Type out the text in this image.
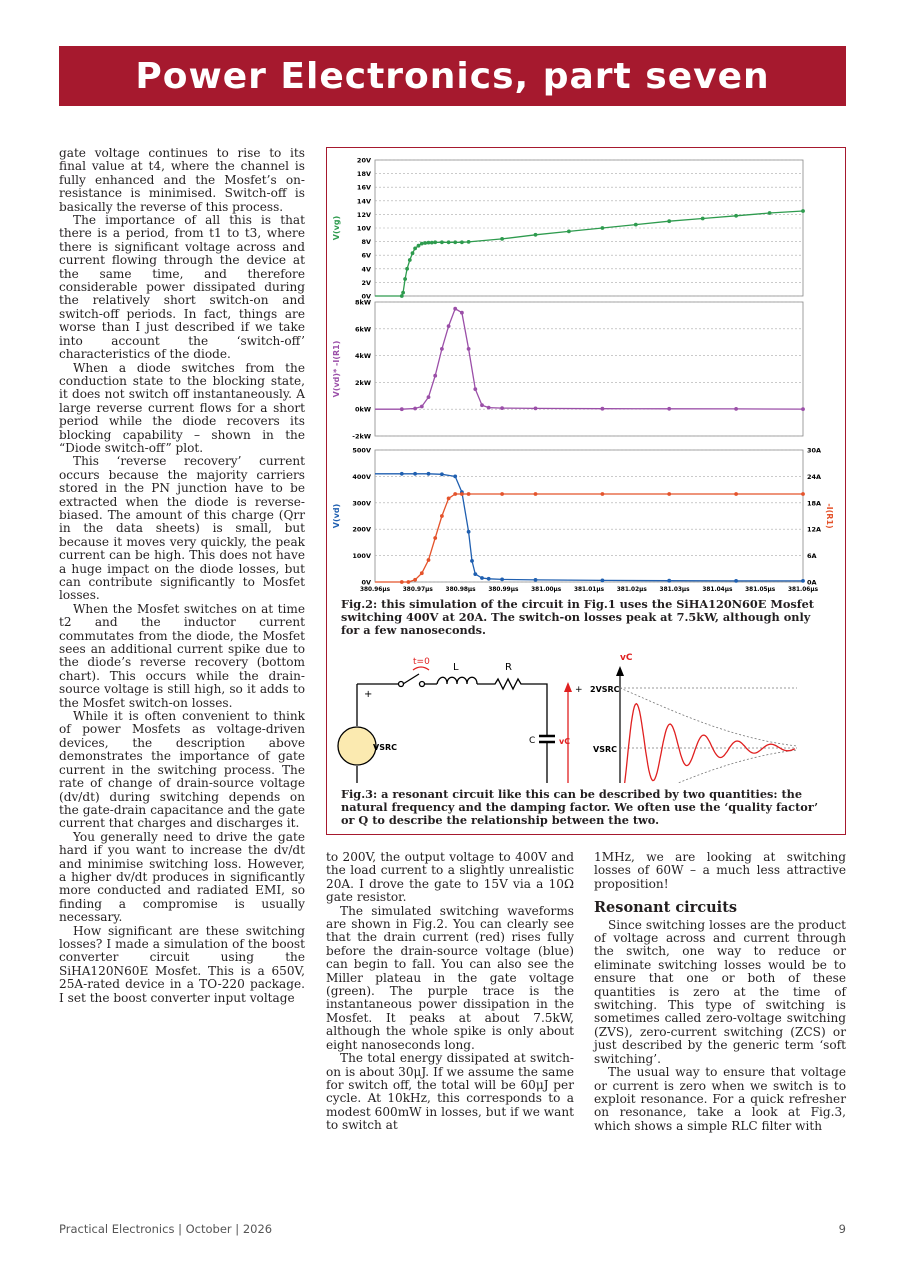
Power Electronics, part seven

gate voltage continues to rise to its final value at t4, where the channel is fully enhanced and the Mosfet’s on-resistance is minimised. Switch-off is basically the reverse of this process.

The importance of all this is that there is a period, from t1 to t3, where there is significant voltage across and current flowing through the device at the same time, and therefore considerable power dissipated during the relatively short switch-on and switch-off periods. In fact, things are worse than I just described if we take into account the ‘switch-off’ characteristics of the diode.

When a diode switches from the conduction state to the blocking state, it does not switch off instantaneously. A large reverse current flows for a short period while the diode recovers its blocking capability – shown in the “Diode switch-off” plot.

This ‘reverse recovery’ current occurs because the majority carriers stored in the PN junction have to be extracted when the diode is reverse-biased. The amount of this charge (Qrr in the data sheets) is small, but because it moves very quickly, the peak current can be high. This does not have a huge impact on the diode losses, but can contribute significantly to Mosfet losses.

When the Mosfet switches on at time t2 and the inductor current commutates from the diode, the Mosfet sees an additional current spike due to the diode’s reverse recovery (bottom chart). This occurs while the drain-source voltage is still high, so it adds to the Mosfet switch-on losses.

While it is often convenient to think of power Mosfets as voltage-driven devices, the description above demonstrates the importance of gate current in the switching process. The rate of change of drain-source voltage (dv/dt) during switching depends on the gate-drain capacitance and the gate current that charges and discharges it.

You generally need to drive the gate hard if you want to increase the dv/dt and minimise switching loss. However, a higher dv/dt produces in significantly more conducted and radiated EMI, so finding a compromise is usually necessary.

How significant are these switching losses? I made a simulation of the boost converter circuit using the SiHA120N60E Mosfet. This is a 650V, 25A-rated device in a TO-220 package. I set the boost converter input voltage

0V
2V
4V
6V
8V
10V
12V
14V
16V
18V
20V
V(vg)
-2kW
0kW
2kW
4kW
6kW
8kW
V(vd)* -I(R1)
0V
100V
200V
300V
400V
500V
0A
6A
12A
18A
24A
30A
-I(R1)
V(vd)
380.96μs 380.97μs 380.98μs 380.99μs 381.00μs 381.01μs 381.02μs 381.03μs 381.04μs 381.05μs 381.06μs
Fig.2: this simulation of the circuit in Fig.1 uses the SiHA120N60E Mosfet switching 400V at 20A. The switch-on losses peak at 7.5kW, although only for a few nanoseconds.
t=0 L	R
C
+
VSRC
vC
+
vC
2VSRC
VSRC
Fig.3: a resonant circuit like this can be described by two quantities: the natural frequency and the damping factor. We often use the ‘quality factor’ or Q to describe the relationship between the two.

to 200V, the output voltage to 400V and the load current to a slightly unrealistic 20A. I drove the gate to 15V via a 10Ω gate resistor.

The simulated switching waveforms are shown in Fig.2. You can clearly see that the drain current (red) rises fully before the drain-source voltage (blue) can begin to fall. You can also see the Miller plateau in the gate voltage (green). The purple trace is the instantaneous power dissipation in the Mosfet. It peaks at about 7.5kW, although the whole spike is only about eight nanoseconds long.

The total energy dissipated at switch-on is about 30μJ. If we assume the same for switch off, the total will be 60μJ per cycle. At 10kHz, this corresponds to a modest 600mW in losses, but if we want to switch at

1MHz, we are looking at switching losses of 60W – a much less attractive proposition!

Resonant circuits

Since switching losses are the product of voltage across and current through the switch, one way to reduce or eliminate switching losses would be to ensure that one or both of these quantities is zero at the time of switching. This type of switching is sometimes called zero-voltage switching (ZVS), zero-current switching (ZCS) or just described by the generic term ‘soft switching’.

The usual way to ensure that voltage or current is zero when we switch is to exploit resonance. For a quick refresher on resonance, take a look at Fig.3, which shows a simple RLC filter with

Practical Electronics | October | 2026	9
